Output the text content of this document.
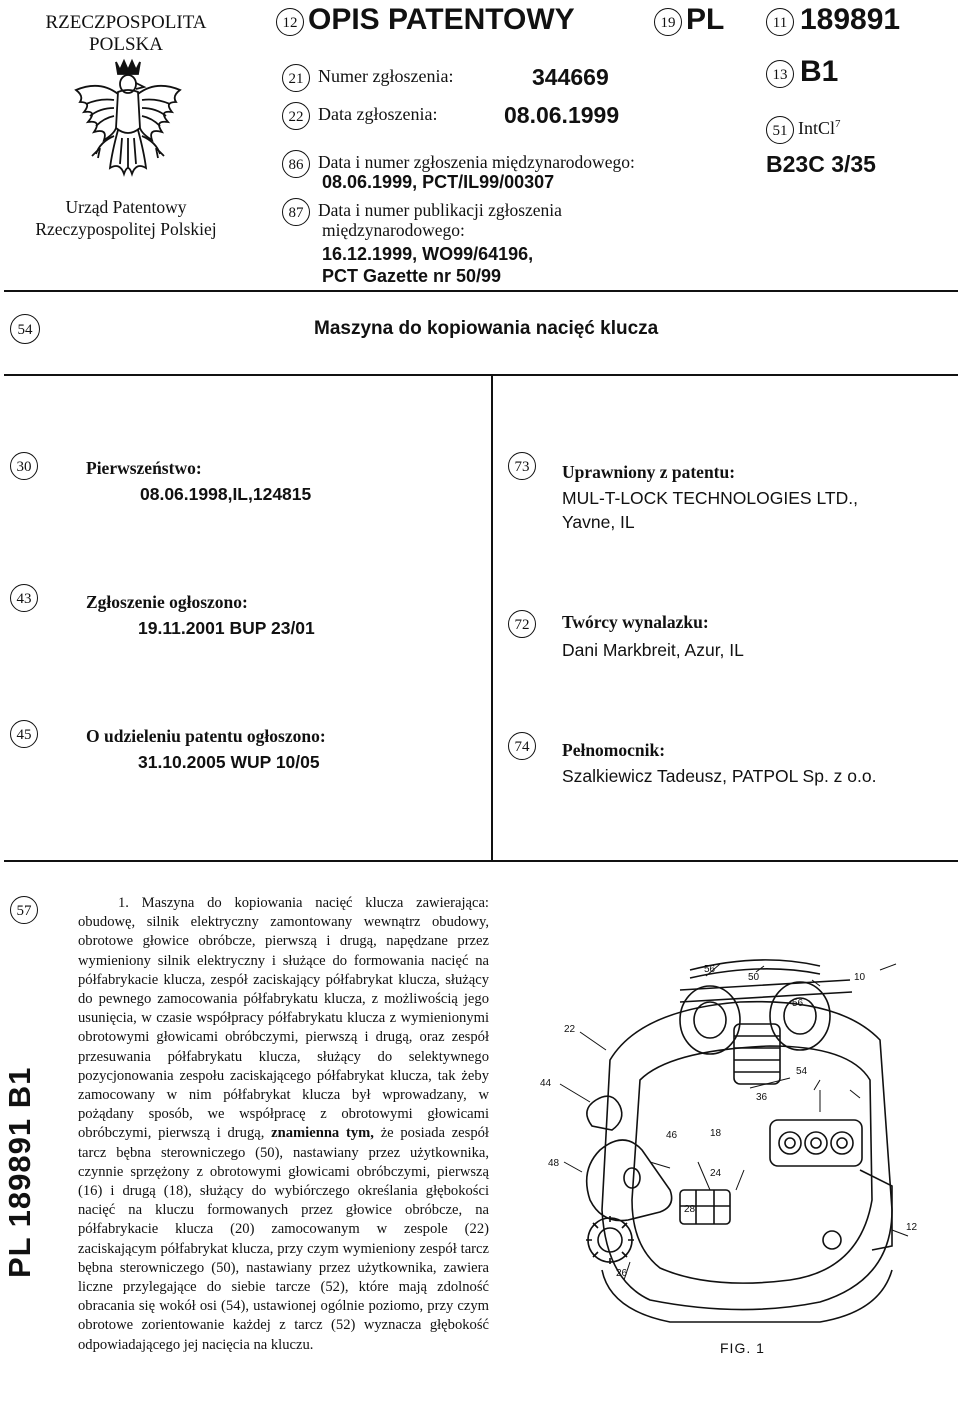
RZECZPOSPOLITA
POLSKA
Urząd Patentowy
Rzeczypospolitej Polskiej
12 OPIS PATENTOWY	19 PL	11 189891
13 B1
51 IntCl$^7$
B23C 3/35
21 Numer zgłoszenia:	344669
22 Data zgłoszenia:	08.06.1999
86 Data i numer zgłoszenia międzynarodowego:
08.06.1999, PCT/IL99/00307
87 Data i numer publikacji zgłoszenia
międzynarodowego:
16.12.1999, WO99/64196,
PCT Gazette nr 50/99
54	Maszyna do kopiowania nacięć klucza
30	Pierwszeństwo:
08.06.1998,IL,124815
43	Zgłoszenie ogłoszono:
19.11.2001 BUP 23/01
45	O udzieleniu patentu ogłoszono:
31.10.2005 WUP 10/05
73	Uprawniony z patentu:
MUL-T-LOCK TECHNOLOGIES LTD.,
Yavne, IL
72	Twórcy wynalazku:
Dani Markbreit, Azur, IL
74	Pełnomocnik:
Szalkiewicz Tadeusz, PATPOL Sp. z o.o.
57
PL 189891 B1
1. Maszyna do kopiowania nacięć klucza zawierająca: obudowę, silnik elektryczny zamontowany wewnątrz obudowy, obrotowe głowice obróbcze, pierwszą i drugą, napędzane przez wymieniony silnik elektryczny i służące do formowania nacięć na półfabrykacie klucza, zespół zaciskający półfabrykat klucza, służący do pewnego zamocowania półfabrykatu klucza, z możliwością jego usunięcia, w czasie współpracy półfabrykatu klucza z wymienionymi obrotowymi głowicami obróbczymi, pierwszą i drugą, oraz zespół przesuwania półfabrykatu klucza, służący do selektywnego pozycjonowania zespołu zaciskającego półfabrykat klucza, tak żeby zamocowany w nim półfabrykat klucza był wprowadzany, w pożądany sposób, we współpracę z obrotowymi głowicami obróbczymi, pierwszą i drugą, znamienna tym, że posiada zespół tarcz bębna sterowniczego (50), nastawiany przez użytkownika, czynnie sprzężony z obrotowymi głowicami obróbczymi, pierwszą (16) i drugą (18), służący do wybiórczego określania głębokości nacięć na kluczu formowanych przez głowice obróbcze, na półfabrykacie klucza (20) zamocowanym w zespole (22) zaciskającym półfabrykat klucza, przy czym wymieniony zespół tarcz bębna sterowniczego (50), nastawiany przez użytkownika, zawiera liczne przylegające do siebie tarcze (52), które mają zdolność obracania się wokół osi (54), ustawionej ogólnie poziomo, przy czym obrotowe zorientowanie każdej z tarcz (52) wyznacza głębokość odpowiadającego jej nacięcia na kluczu.
56
50	10
56
22
44
54
36
46	18
48
24
28
26
12
FIG. 1
